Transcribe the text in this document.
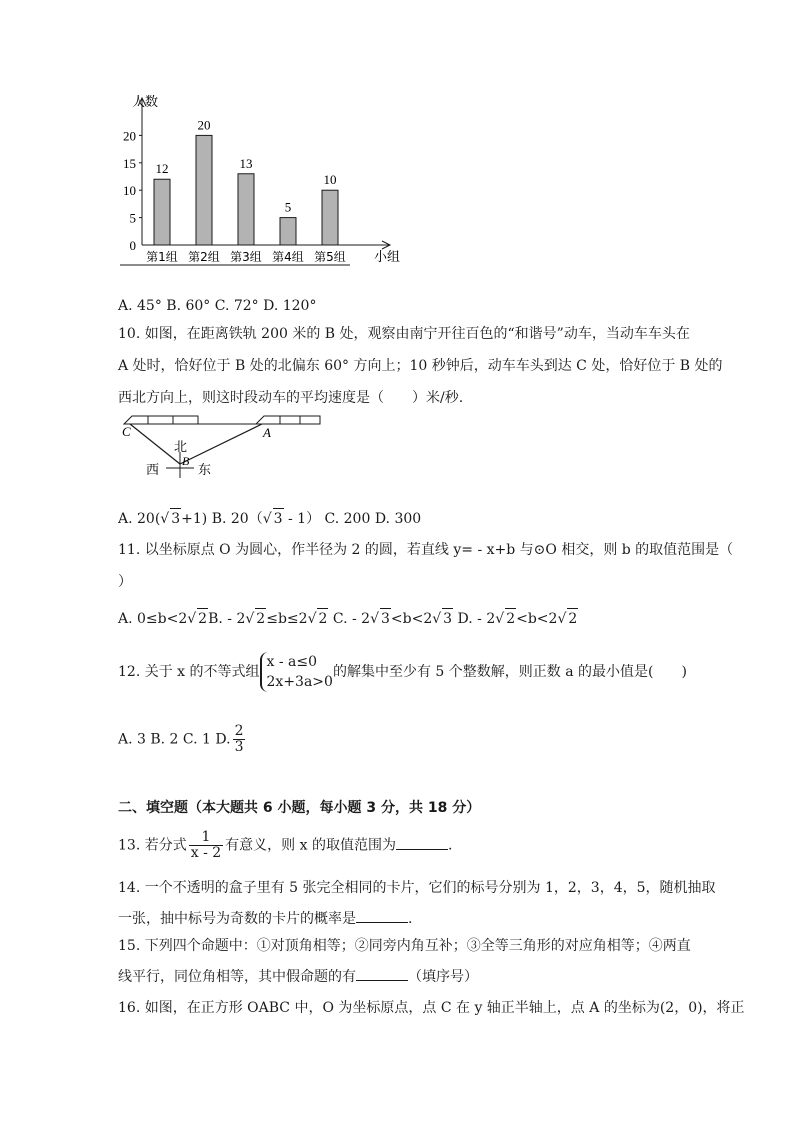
人数
小组
0
5
10
15
20
12
第1组
20
第2组
13
第3组
5
第4组
10
第5组
A. 45° B. 60° C. 72° D. 120°
10. 如图，在距离铁轨 200 米的 B 处，观察由南宁开往百色的“和谐号”动车，当动车车头在
A 处时，恰好位于 B 处的北偏东 60° 方向上；10 秒钟后，动车车头到达 C 处，恰好位于 B 处的
西北方向上，则这时段动车的平均速度是（　　）米/秒.
C	A
北
B
西	东
A. 20(√ 3+1) B. 20（√ 3 - 1） C. 200 D. 300
11. 以坐标原点 O 为圆心，作半径为 2 的圆，若直线 y= - x+b 与⊙O 相交，则 b 的取值范围是（
）
A. 0≤b<2√ 2B. - 2√ 2≤b≤2√ 2 C. - 2√ 3<b<2√ 3 D. - 2√ 2<b<2√ 2
12. 关于 x 的不等式组
x - a≤0
2x+3a>0
的解集中至少有 5 个整数解，则正数 a 的最小值是(　　)
A. 3 B. 2 C. 1 D. $\frac{2}{3}$
二、填空题（本大题共 6 小题，每小题 3 分，共 18 分）
13. 若分式 $\frac{1}{x - 2}$ 有意义，则 x 的取值范围为	.
14. 一个不透明的盒子里有 5 张完全相同的卡片，它们的标号分别为 1，2，3，4，5，随机抽取
一张，抽中标号为奇数的卡片的概率是	.
15. 下列四个命题中：①对顶角相等；②同旁内角互补；③全等三角形的对应角相等；④两直
线平行，同位角相等，其中假命题的有	（填序号）
16. 如图，在正方形 OABC 中，O 为坐标原点，点 C 在 y 轴正半轴上，点 A 的坐标为(2，0)，将正
